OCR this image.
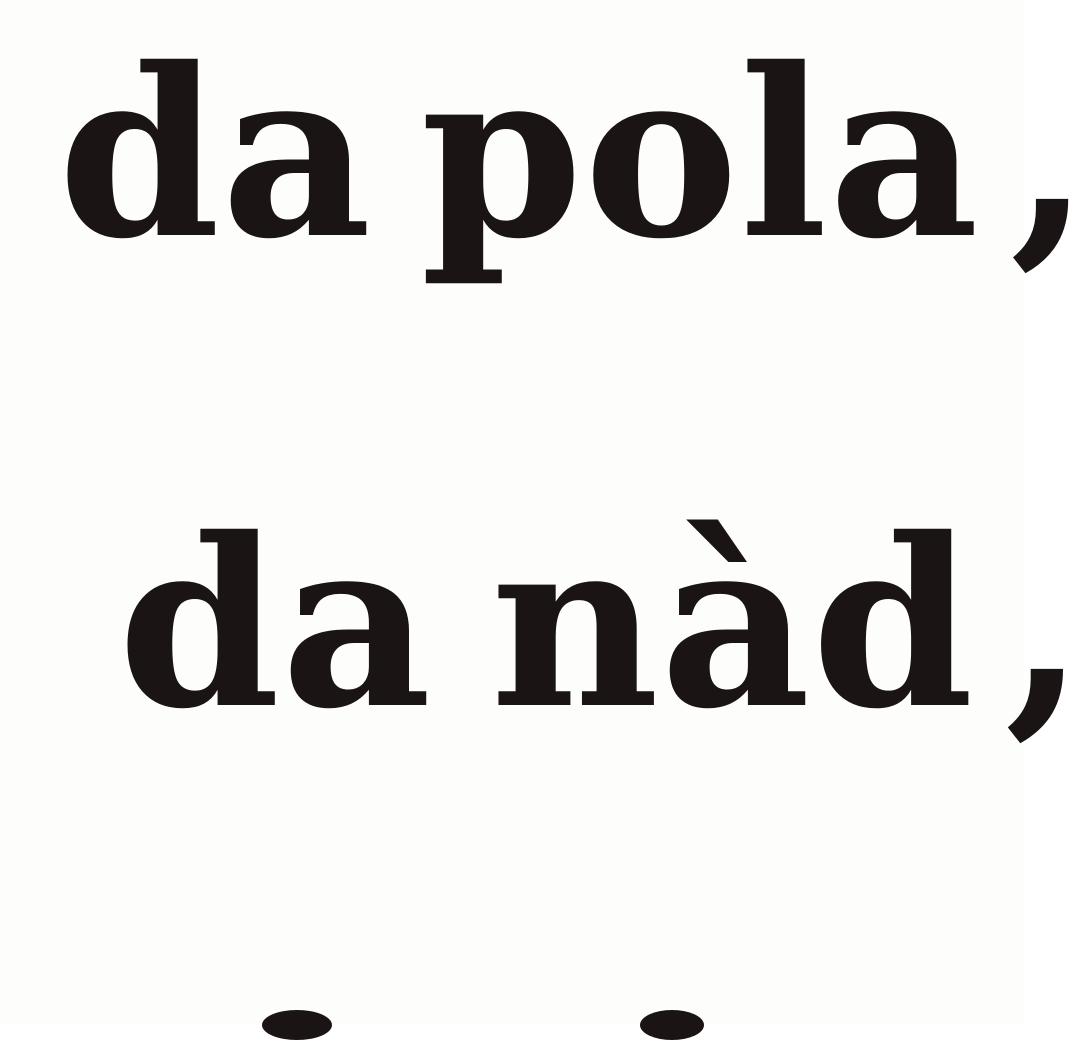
da pola ,
da nàd ,
